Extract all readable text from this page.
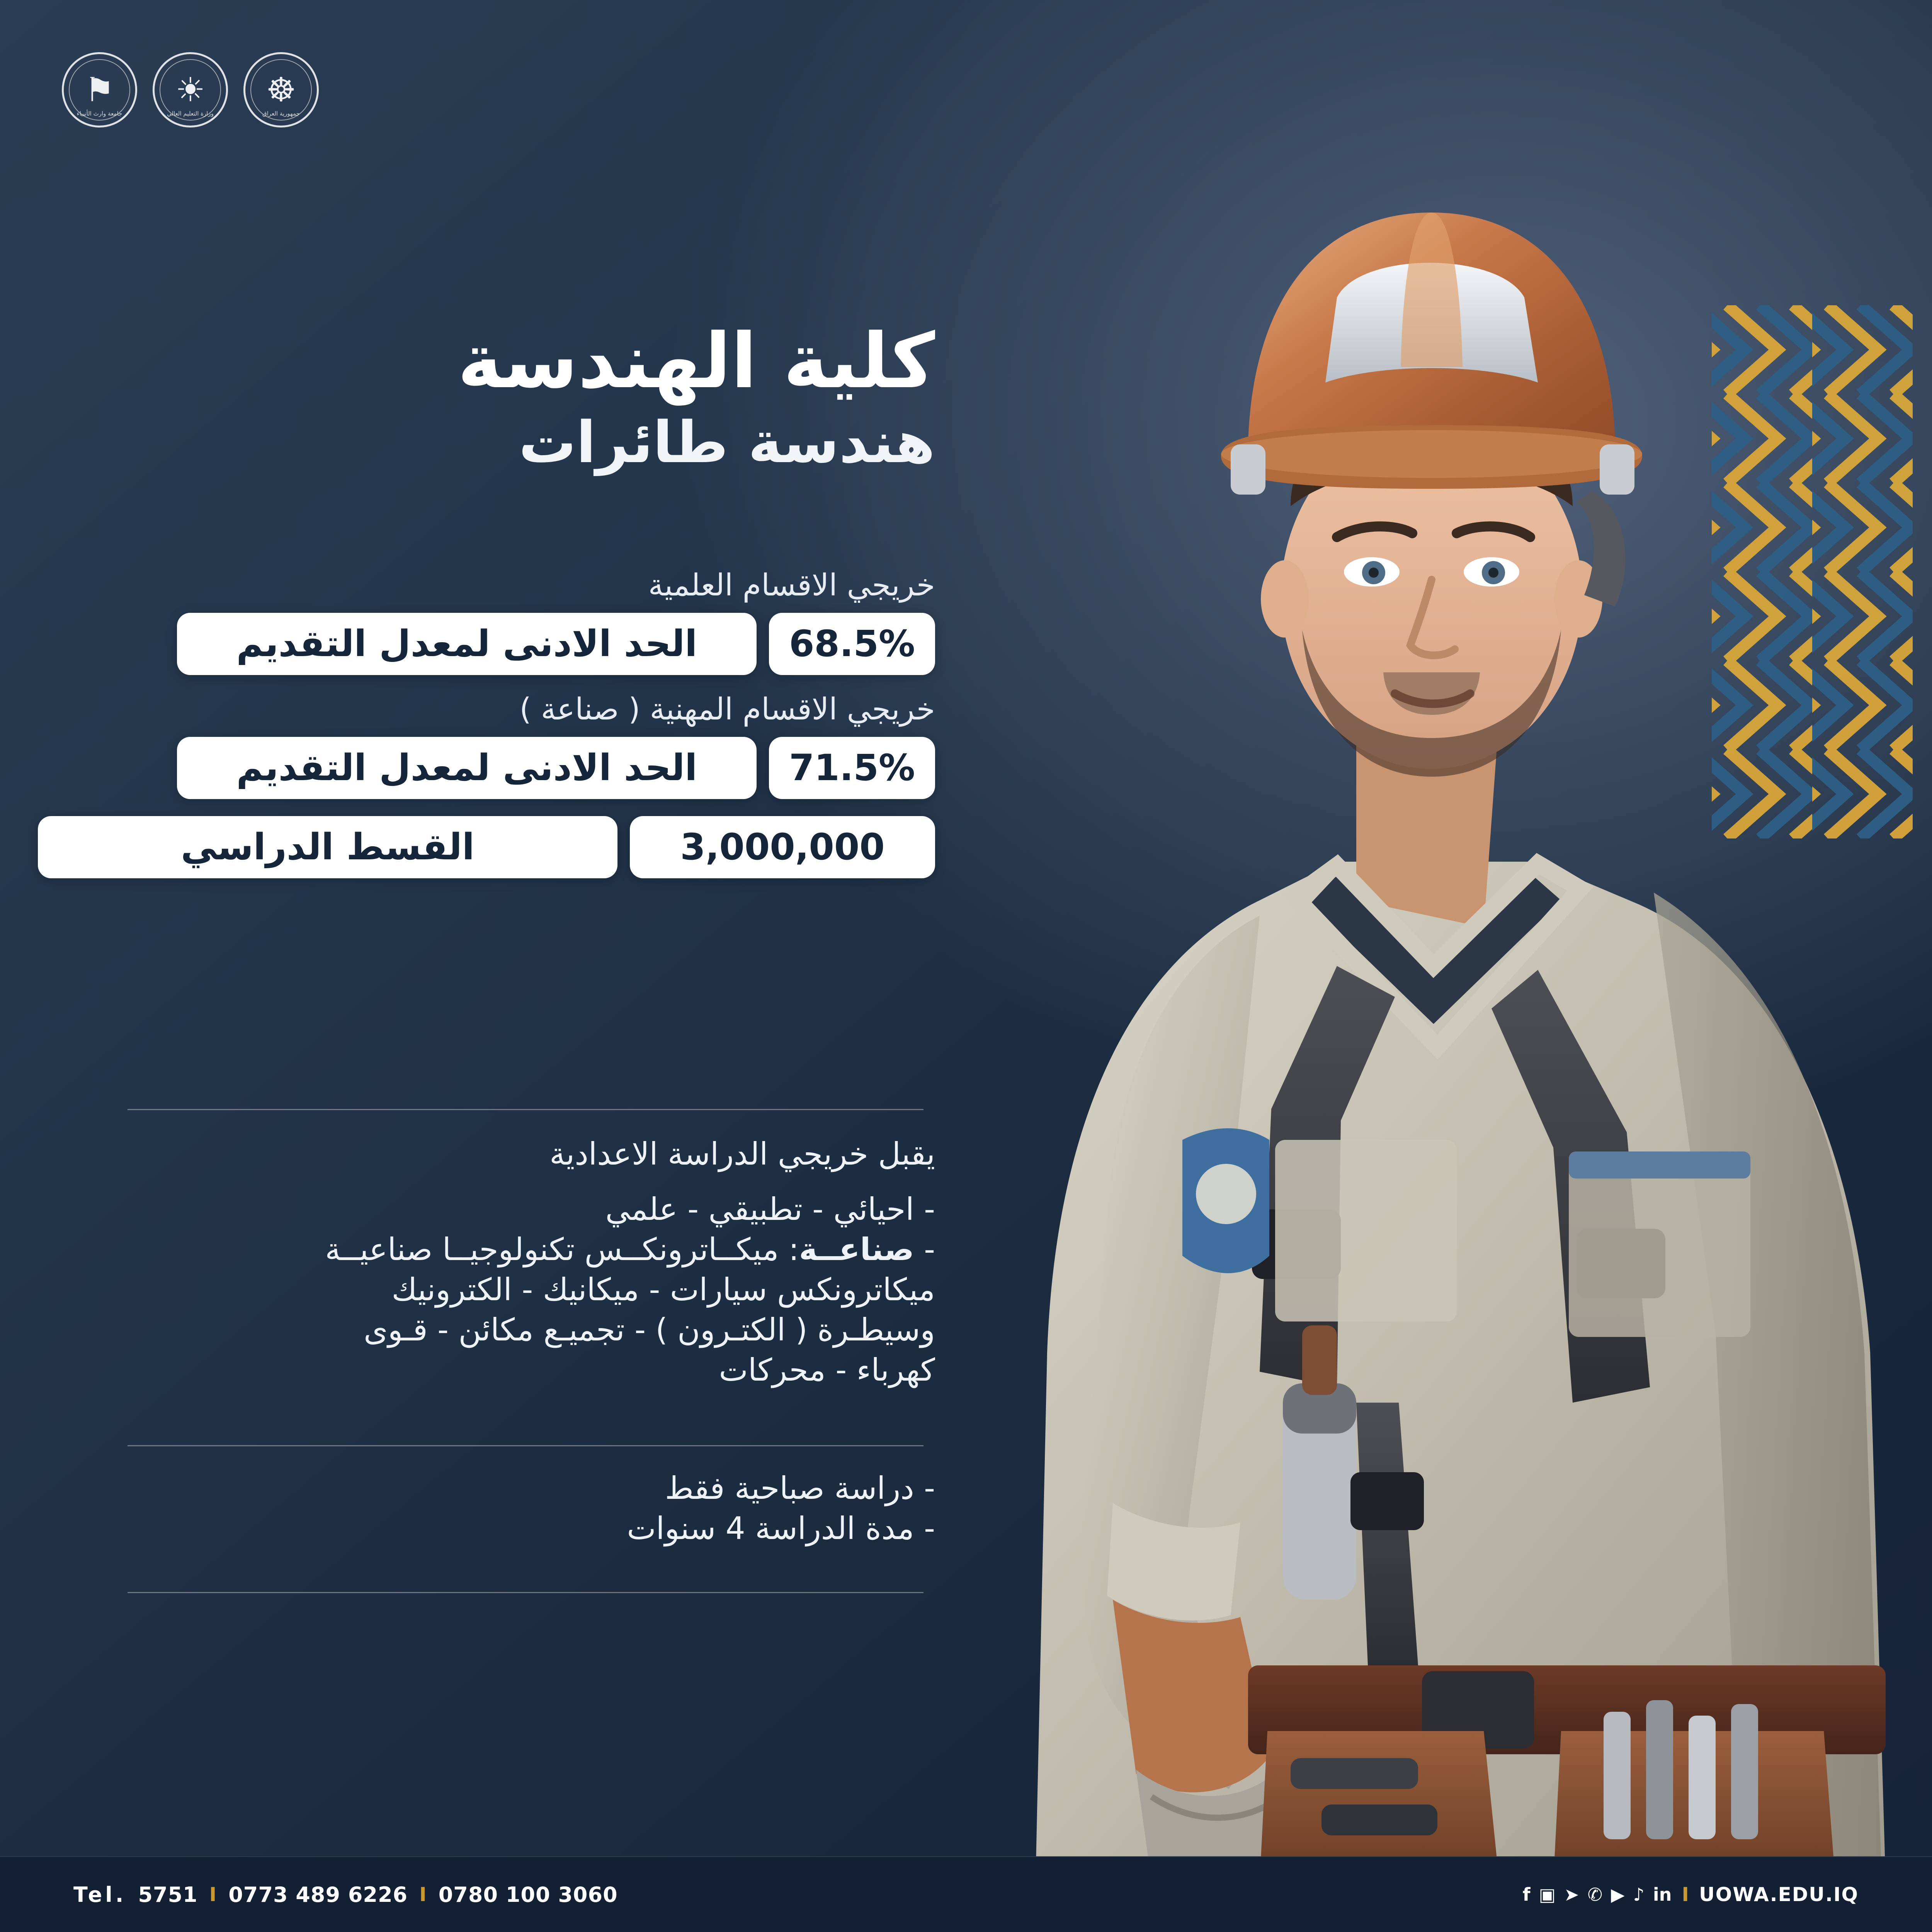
☸
جمهورية العراق
☀
وزارة التعليم العالي
⚑
جامعة وارث الأنبياء
كلية الهندسة
هندسة طائرات
خريجي الاقسام العلمية
68.5%
الحد الادنى لمعدل التقديم
خريجي الاقسام المهنية ( صناعة )
71.5%
الحد الادنى لمعدل التقديم
3,000,000
القسط الدراسي
يقبل خريجي الدراسة الاعدادية
- احيائي - تطبيقي - علمي
- صناعــة: ميكــاترونكــس تكنولوجيــا صناعيــة
ميكاترونكس سيارات - ميكانيك - الكترونيك
وسيطـرة ( الكتـرون ) - تجميـع مكائن - قـوى
كهرباء - محركات
- دراسة صباحية فقط
- مدة الدراسة 4 سنوات
Tel. 5751 I 0773 489 6226 I 0780 100 3060	f ▣ ➤ ✆ ▶ ♪ in I UOWA.EDU.IQ
